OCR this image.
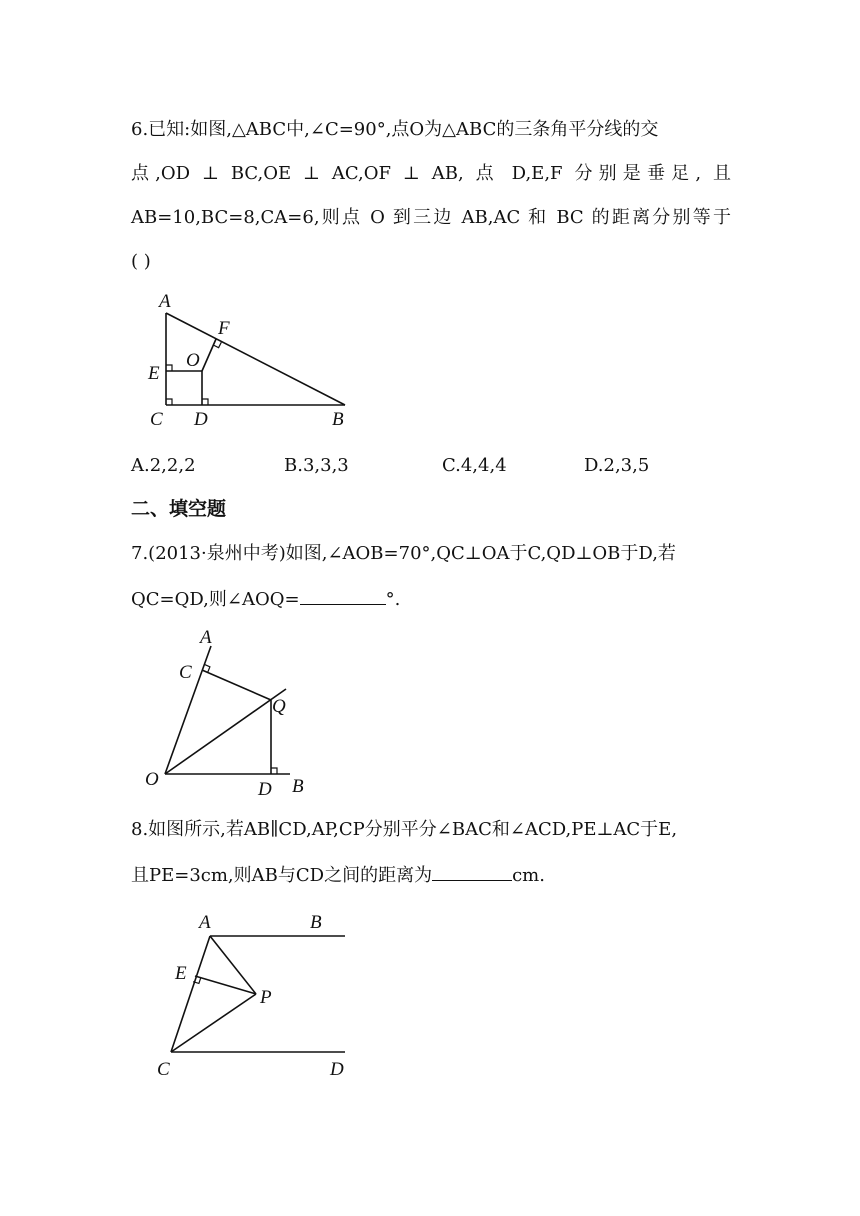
6.已知:如图,△ABC中,∠C=90°,点O为△ABC的三条角平分线的交
点,OD ⊥ BC,OE ⊥ AC,OF ⊥ AB, 点 D,E,F 分别是垂足, 且
AB=10,BC=8,CA=6,则点 O 到三边 AB,AC 和 BC 的距离分别等于
( )
A
F
O
E
C D	B
A.2,2,2	B.3,3,3	C.4,4,4	D.2,3,5
二、填空题
7.(2013·泉州中考)如图,∠AOB=70°,QC⊥OA于C,QD⊥OB于D,若
QC=QD,则∠AOQ=	°.
A
C
Q
O	D B
8.如图所示,若AB∥CD,AP,CP分别平分∠BAC和∠ACD,PE⊥AC于E,
且PE=3cm,则AB与CD之间的距离为	cm.
A	B
E
P
C	D
